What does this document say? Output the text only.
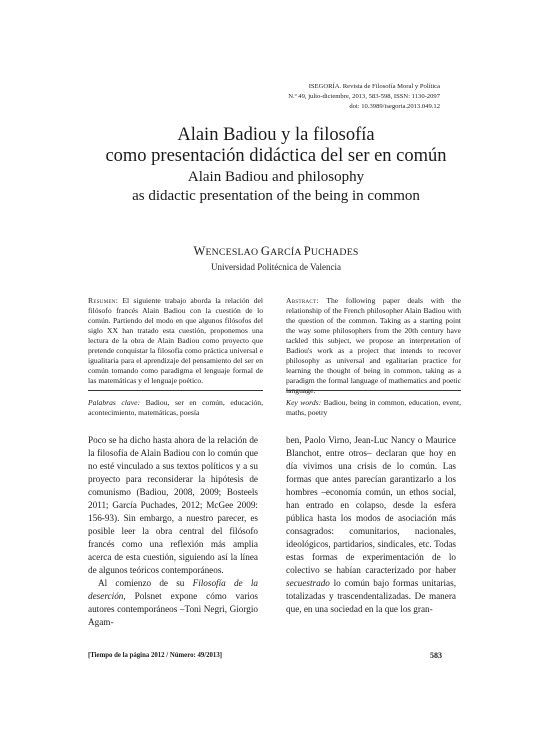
ISEGORÍA. Revista de Filosofía Moral y Política
N.º 49, julio-diciembre, 2013, 583-598, ISSN: 1130-2097
doi: 10.3989/isegoria.2013.049.12
Alain Badiou y la filosofía
como presentación didáctica del ser en común
Alain Badiou and philosophy
as didactic presentation of the being in common
WENCESLAO GARCÍA PUCHADES
Universidad Politécnica de Valencia
Resumen: El siguiente trabajo aborda la relación del filósofo francés Alain Badiou con la cuestión de lo común. Partiendo del modo en que algunos filósofos del siglo XX han tratado esta cuestión, proponemos una lectura de la obra de Alain Badiou como proyecto que pretende conquistar la filosofía como práctica universal e igualitaria para el aprendizaje del pensamiento del ser en común tomando como paradigma el lenguaje formal de las matemáticas y el lenguaje poético.
Abstract: The following paper deals with the relationship of the French philosopher Alain Badiou with the question of the common. Taking as a starting point the way some philosophers from the 20th century have tackled this subject, we propose an interpretation of Badiou's work as a project that intends to recover philosophy as universal and egalitarian practice for learning the thought of being in common, taking as a paradigm the formal language of mathematics and poetic language.
Palabras clave: Badiou, ser en común, educación, acontecimiento, matemáticas, poesía
Key words: Badiou, being in common, education, event, maths, poetry

Poco se ha dicho hasta ahora de la relación de la filosofía de Alain Badiou con lo común que no esté vinculado a sus textos políticos y a su proyecto para reconsiderar la hipótesis de comunismo (Badiou, 2008, 2009; Bosteels 2011; García Puchades, 2012; McGee 2009: 156-93). Sin embargo, a nuestro parecer, es posible leer la obra central del filósofo francés como una reflexión más amplia acerca de esta cuestión, siguiendo así la línea de algunos teóricos contemporáneos.

Al comienzo de su Filosofía de la deserción, Polsnet expone cómo varios autores contemporáneos –Toni Negri, Giorgio Agam-

ben, Paolo Virno, Jean-Luc Nancy o Maurice Blanchot, entre otros– declaran que hoy en día vivimos una crisis de lo común. Las formas que antes parecían garantizarlo a los hombres –economía común, un ethos social, han entrado en colapso, desde la esfera pública hasta los modos de asociación más consagrados: comunitarios, nacionales, ideológicos, partidarios, sindicales, etc. Todas estas formas de experimentación de lo colectivo se habían caracterizado por haber secuestrado lo común bajo formas unitarias, totalizadas y trascendentalizadas. De manera que, en una sociedad en la que los gran-

[Tiempo de la página 2012 / Número: 49/2013]	583
